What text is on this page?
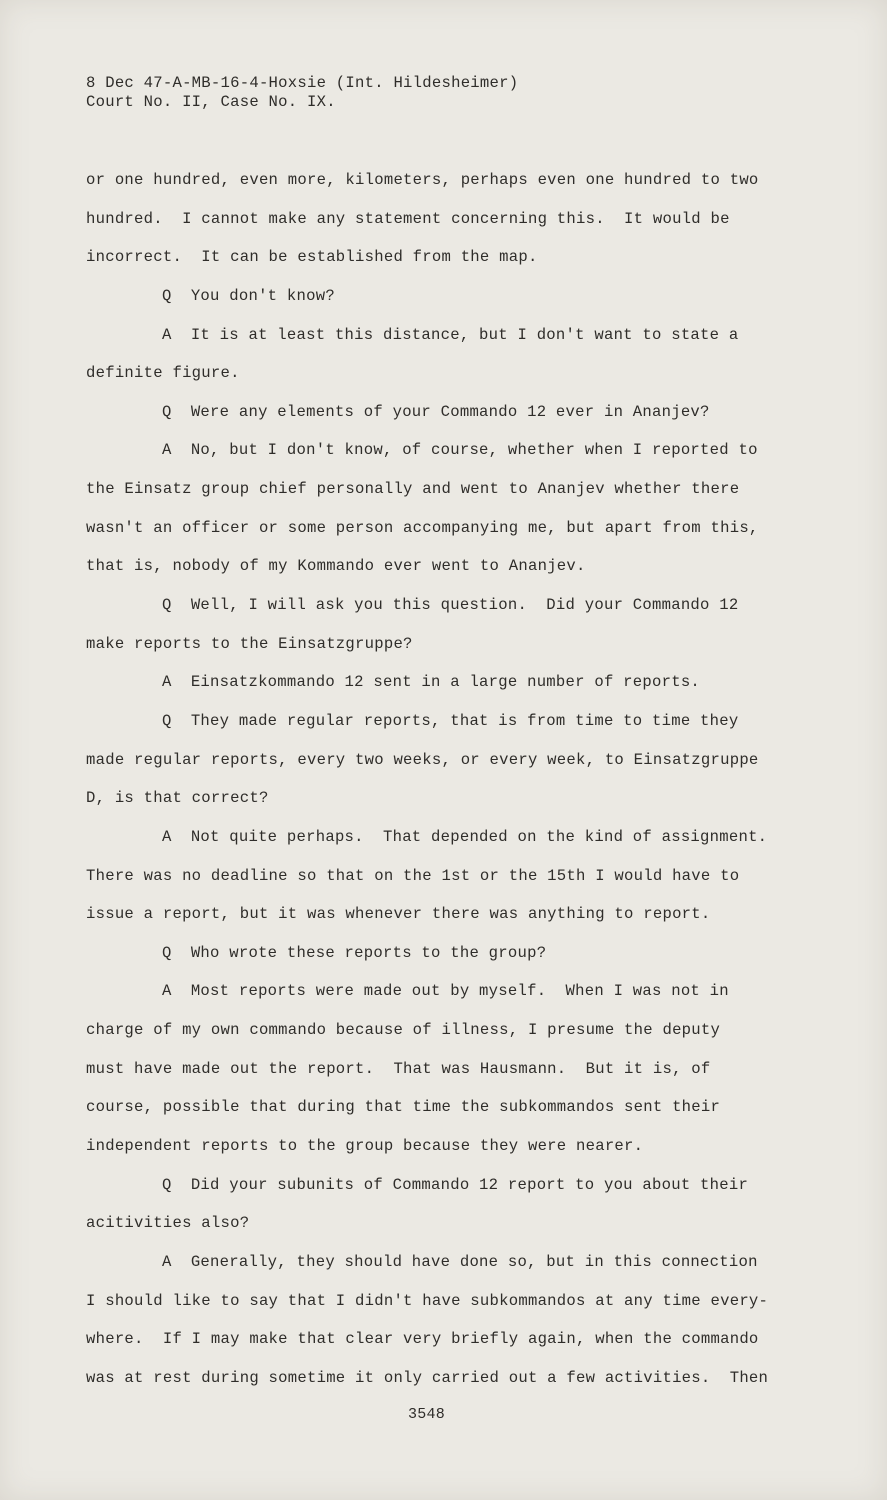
8 Dec 47-A-MB-16-4-Hoxsie (Int. Hildesheimer)
Court No. II, Case No. IX.
or one hundred, even more, kilometers, perhaps even one hundred to two
hundred.  I cannot make any statement concerning this.  It would be
incorrect.  It can be established from the map.
Q  You don't know?
A  It is at least this distance, but I don't want to state a
definite figure.
Q  Were any elements of your Commando 12 ever in Ananjev?
A  No, but I don't know, of course, whether when I reported to
the Einsatz group chief personally and went to Ananjev whether there
wasn't an officer or some person accompanying me, but apart from this,
that is, nobody of my Kommando ever went to Ananjev.
Q  Well, I will ask you this question.  Did your Commando 12
make reports to the Einsatzgruppe?
A  Einsatzkommando 12 sent in a large number of reports.
Q  They made regular reports, that is from time to time they
made regular reports, every two weeks, or every week, to Einsatzgruppe
D, is that correct?
A  Not quite perhaps.  That depended on the kind of assignment.
There was no deadline so that on the 1st or the 15th I would have to
issue a report, but it was whenever there was anything to report.
Q  Who wrote these reports to the group?
A  Most reports were made out by myself.  When I was not in
charge of my own commando because of illness, I presume the deputy
must have made out the report.  That was Hausmann.  But it is, of
course, possible that during that time the subkommandos sent their
independent reports to the group because they were nearer.
Q  Did your subunits of Commando 12 report to you about their
acitivities also?
A  Generally, they should have done so, but in this connection
I should like to say that I didn't have subkommandos at any time every-
where.  If I may make that clear very briefly again, when the commando
was at rest during sometime it only carried out a few activities.  Then
3548
